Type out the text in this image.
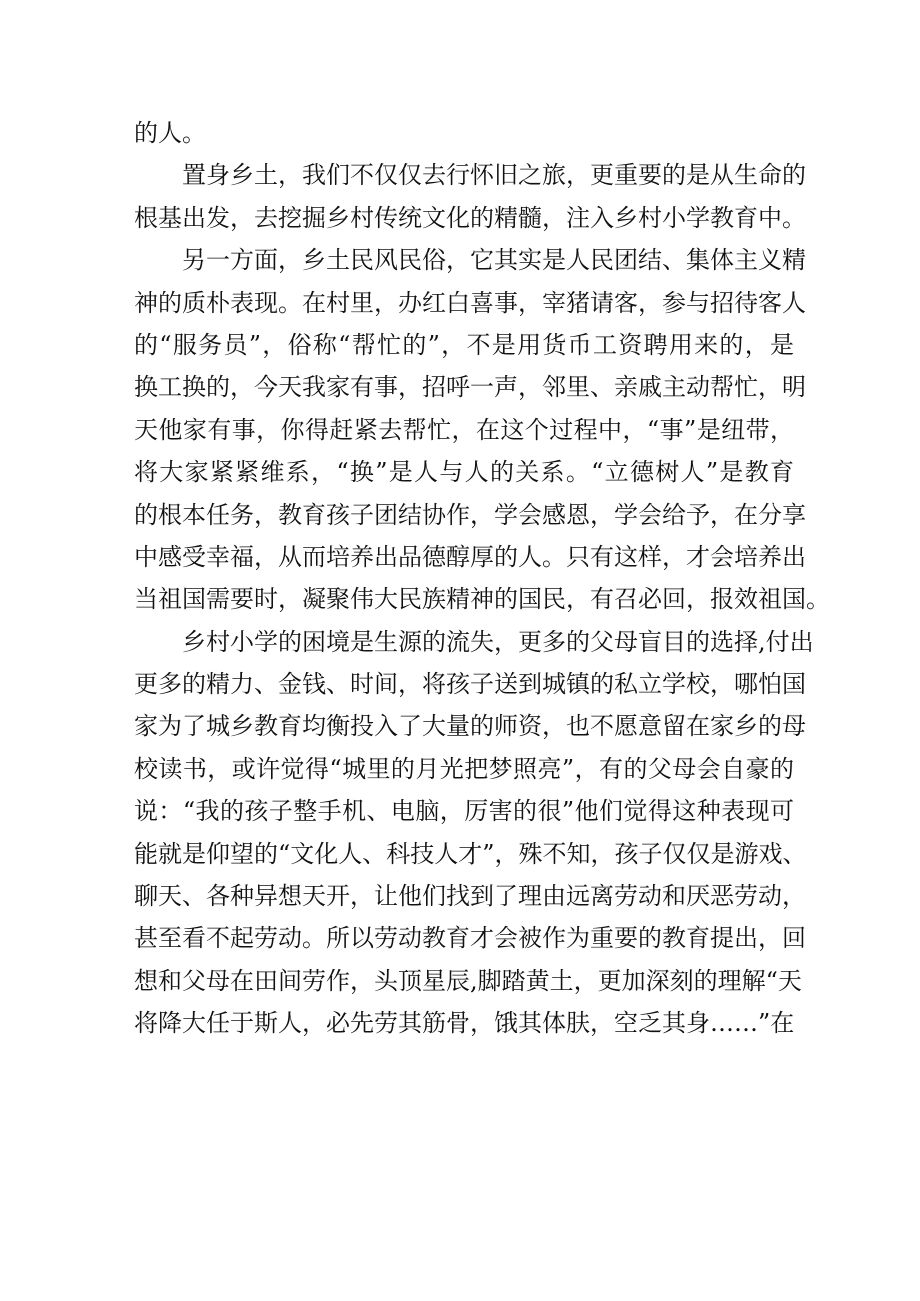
的人。
置身乡土，我们不仅仅去行怀旧之旅，更重要的是从生命的
根基出发，去挖掘乡村传统文化的精髓，注入乡村小学教育中。
另一方面，乡土民风民俗，它其实是人民团结、集体主义精
神的质朴表现。在村里，办红白喜事，宰猪请客，参与招待客人
的“服务员”，俗称“帮忙的”，不是用货币工资聘用来的，是
换工换的，今天我家有事，招呼一声，邻里、亲戚主动帮忙，明
天他家有事，你得赶紧去帮忙，在这个过程中，“事”是纽带，
将大家紧紧维系，“换”是人与人的关系。“立德树人”是教育
的根本任务，教育孩子团结协作，学会感恩，学会给予，在分享
中感受幸福，从而培养出品德醇厚的人。只有这样，才会培养出
当祖国需要时，凝聚伟大民族精神的国民，有召必回，报效祖国。
乡村小学的困境是生源的流失，更多的父母盲目的选择,付出
更多的精力、金钱、时间，将孩子送到城镇的私立学校，哪怕国
家为了城乡教育均衡投入了大量的师资，也不愿意留在家乡的母
校读书，或许觉得“城里的月光把梦照亮”，有的父母会自豪的
说：“我的孩子整手机、电脑，厉害的很”他们觉得这种表现可
能就是仰望的“文化人、科技人才”，殊不知，孩子仅仅是游戏、
聊天、各种异想天开，让他们找到了理由远离劳动和厌恶劳动，
甚至看不起劳动。所以劳动教育才会被作为重要的教育提出，回
想和父母在田间劳作，头顶星辰,脚踏黄土，更加深刻的理解“天
将降大任于斯人，必先劳其筋骨，饿其体肤，空乏其身……”在
